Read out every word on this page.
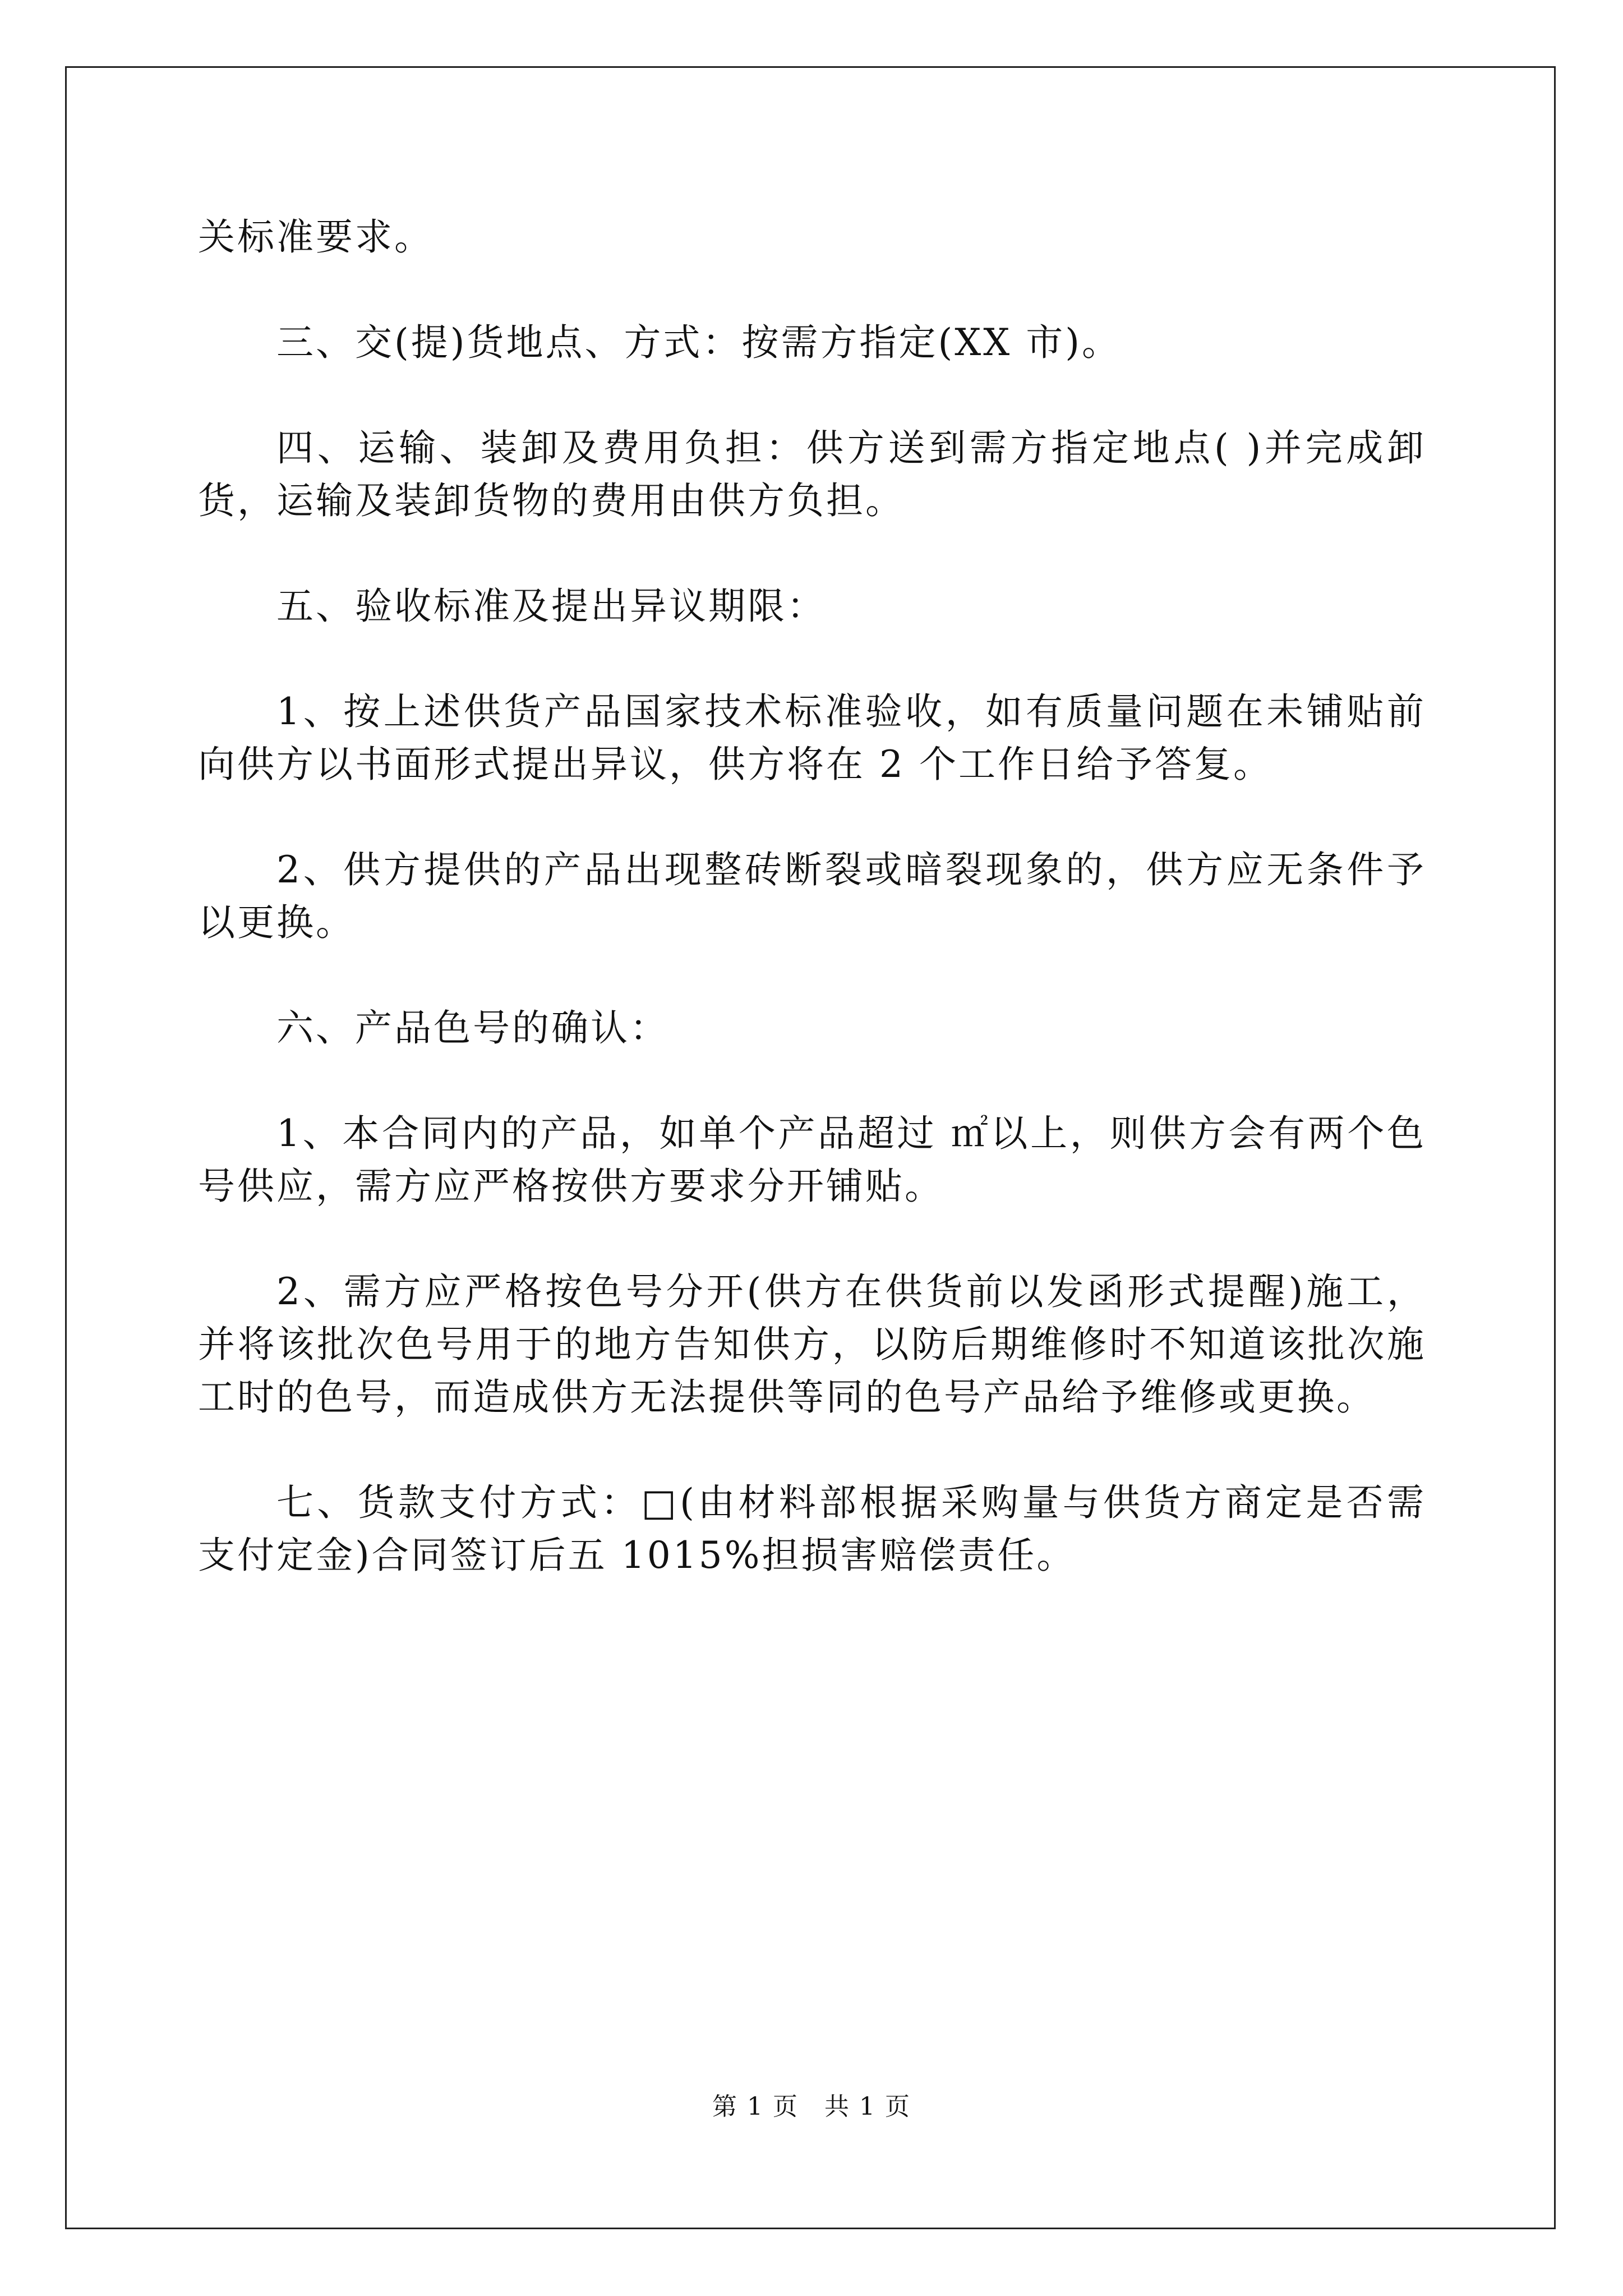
关标准要求。

三、交(提)货地点、方式：按需方指定(XX 市)。

四、运输、装卸及费用负担：供方送到需方指定地点( )并完成卸货，运输及装卸货物的费用由供方负担。

五、验收标准及提出异议期限：

1、按上述供货产品国家技术标准验收，如有质量问题在未铺贴前向供方以书面形式提出异议，供方将在 2 个工作日给予答复。

2、供方提供的产品出现整砖断裂或暗裂现象的，供方应无条件予以更换。

六、产品色号的确认：

1、本合同内的产品，如单个产品超过 ㎡以上，则供方会有两个色号供应，需方应严格按供方要求分开铺贴。

2、需方应严格按色号分开(供方在供货前以发函形式提醒)施工，并将该批次色号用于的地方告知供方，以防后期维修时不知道该批次施工时的色号，而造成供方无法提供等同的色号产品给予维修或更换。

七、货款支付方式：□(由材料部根据采购量与供货方商定是否需支付定金)合同签订后五 1015%担损害赔偿责任。

第 1 页　共 1 页
